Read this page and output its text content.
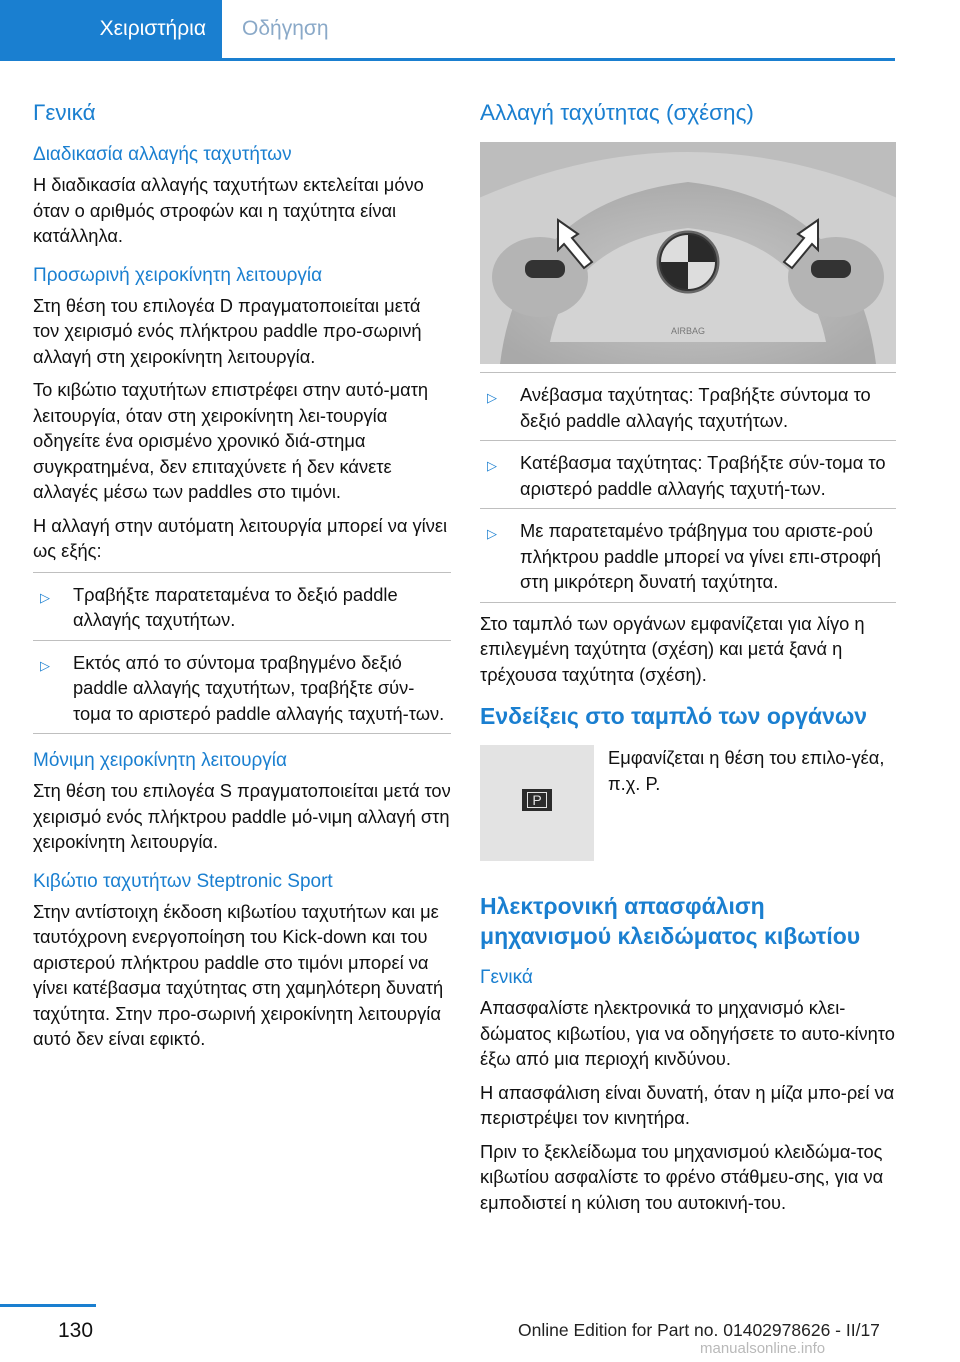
Χειριστήρια	Οδήγηση
Γενικά
Διαδικασία αλλαγής ταχυτήτων

Η διαδικασία αλλαγής ταχυτήτων εκτελείται μόνο όταν ο αριθμός στροφών και η ταχύτητα είναι κατάλληλα.

Προσωρινή χειροκίνητη λειτουργία

Στη θέση του επιλογέα D πραγματοποιείται μετά τον χειρισμό ενός πλήκτρου paddle προ-σωρινή αλλαγή στη χειροκίνητη λειτουργία.

Το κιβώτιο ταχυτήτων επιστρέφει στην αυτό-ματη λειτουργία, όταν στη χειροκίνητη λει-τουργία οδηγείτε ένα ορισμένο χρονικό διά-στημα συγκρατημένα, δεν επιταχύνετε ή δεν κάνετε αλλαγές μέσω των paddles στο τιμόνι.

Η αλλαγή στην αυτόματη λειτουργία μπορεί να γίνει ως εξής:

▷ Τραβήξτε παρατεταμένα το δεξιό paddle αλλαγής ταχυτήτων.
▷ Εκτός από το σύντομα τραβηγμένο δεξιό paddle αλλαγής ταχυτήτων, τραβήξτε σύν-τομα το αριστερό paddle αλλαγής ταχυτή-των.
Μόνιμη χειροκίνητη λειτουργία

Στη θέση του επιλογέα S πραγματοποιείται μετά τον χειρισμό ενός πλήκτρου paddle μό-νιμη αλλαγή στη χειροκίνητη λειτουργία.

Κιβώτιο ταχυτήτων Steptronic Sport

Στην αντίστοιχη έκδοση κιβωτίου ταχυτήτων και με ταυτόχρονη ενεργοποίηση του Kick-down και του αριστερού πλήκτρου paddle στο τιμόνι μπορεί να γίνει κατέβασμα ταχύτητας στη χαμηλότερη δυνατή ταχύτητα. Στην προ-σωρινή χειροκίνητη λειτουργία αυτό δεν είναι εφικτό.

Αλλαγή ταχύτητας (σχέσης)
AIRBAG
▷ Ανέβασμα ταχύτητας: Τραβήξτε σύντομα το δεξιό paddle αλλαγής ταχυτήτων.
▷ Κατέβασμα ταχύτητας: Τραβήξτε σύν-τομα το αριστερό paddle αλλαγής ταχυτή-των.
▷ Με παρατεταμένο τράβηγμα του αριστε-ρού πλήκτρου paddle μπορεί να γίνει επι-στροφή στη μικρότερη δυνατή ταχύτητα.

Στο ταμπλό των οργάνων εμφανίζεται για λίγο η επιλεγμένη ταχύτητα (σχέση) και μετά ξανά η τρέχουσα ταχύτητα (σχέση).

Ενδείξεις στο ταμπλό των οργάνων
P

Εμφανίζεται η θέση του επιλο-γέα, π.χ. P.

Ηλεκτρονική απασφάλιση μηχανισμού κλειδώματος κιβωτίου
Γενικά

Απασφαλίστε ηλεκτρονικά το μηχανισμό κλει-δώματος κιβωτίου, για να οδηγήσετε το αυτο-κίνητο έξω από μια περιοχή κινδύνου.

Η απασφάλιση είναι δυνατή, όταν η μίζα μπο-ρεί να περιστρέψει τον κινητήρα.

Πριν το ξεκλείδωμα του μηχανισμού κλειδώμα-τος κιβωτίου ασφαλίστε το φρένο στάθμευ-σης, για να εμποδιστεί η κύλιση του αυτοκινή-του.

130	Online Edition for Part no. 01402978626 - II/17
manualsonline.info
